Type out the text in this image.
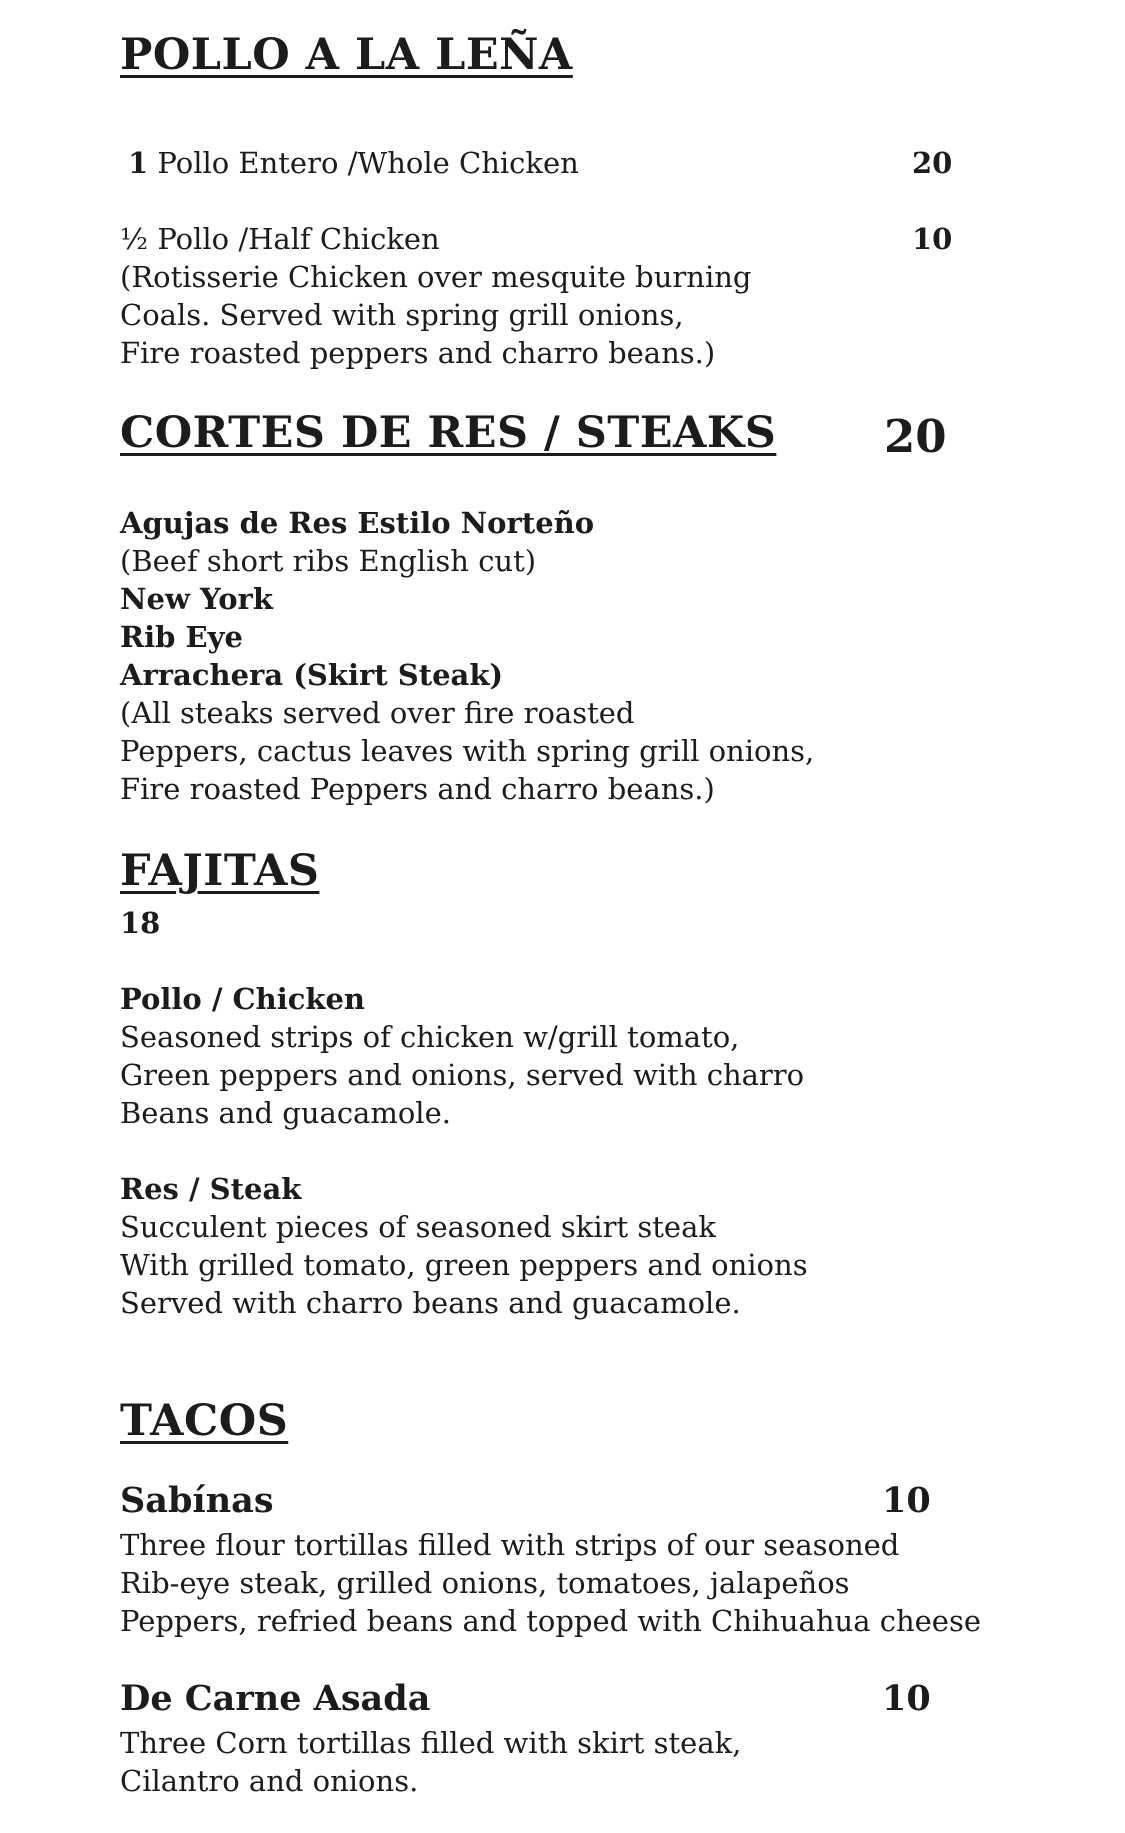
POLLO A LA LEÑA
1 Pollo Entero /Whole Chicken	20
½ Pollo /Half Chicken	10
(Rotisserie Chicken over mesquite burning
Coals. Served with spring grill onions,
Fire roasted peppers and charro beans.)
CORTES DE RES / STEAKS 20
Agujas de Res Estilo Norteño
(Beef short ribs English cut)
New York
Rib Eye
Arrachera (Skirt Steak)
(All steaks served over fire roasted
Peppers, cactus leaves with spring grill onions,
Fire roasted Peppers and charro beans.)
FAJITAS
18
Pollo / Chicken
Seasoned strips of chicken w/grill tomato,
Green peppers and onions, served with charro
Beans and guacamole.
Res / Steak
Succulent pieces of seasoned skirt steak
With grilled tomato, green peppers and onions
Served with charro beans and guacamole.
TACOS
Sabínas	10
Three flour tortillas filled with strips of our seasoned
Rib-eye steak, grilled onions, tomatoes, jalapeños
Peppers, refried beans and topped with Chihuahua cheese
De Carne Asada	10
Three Corn tortillas filled with skirt steak,
Cilantro and onions.
